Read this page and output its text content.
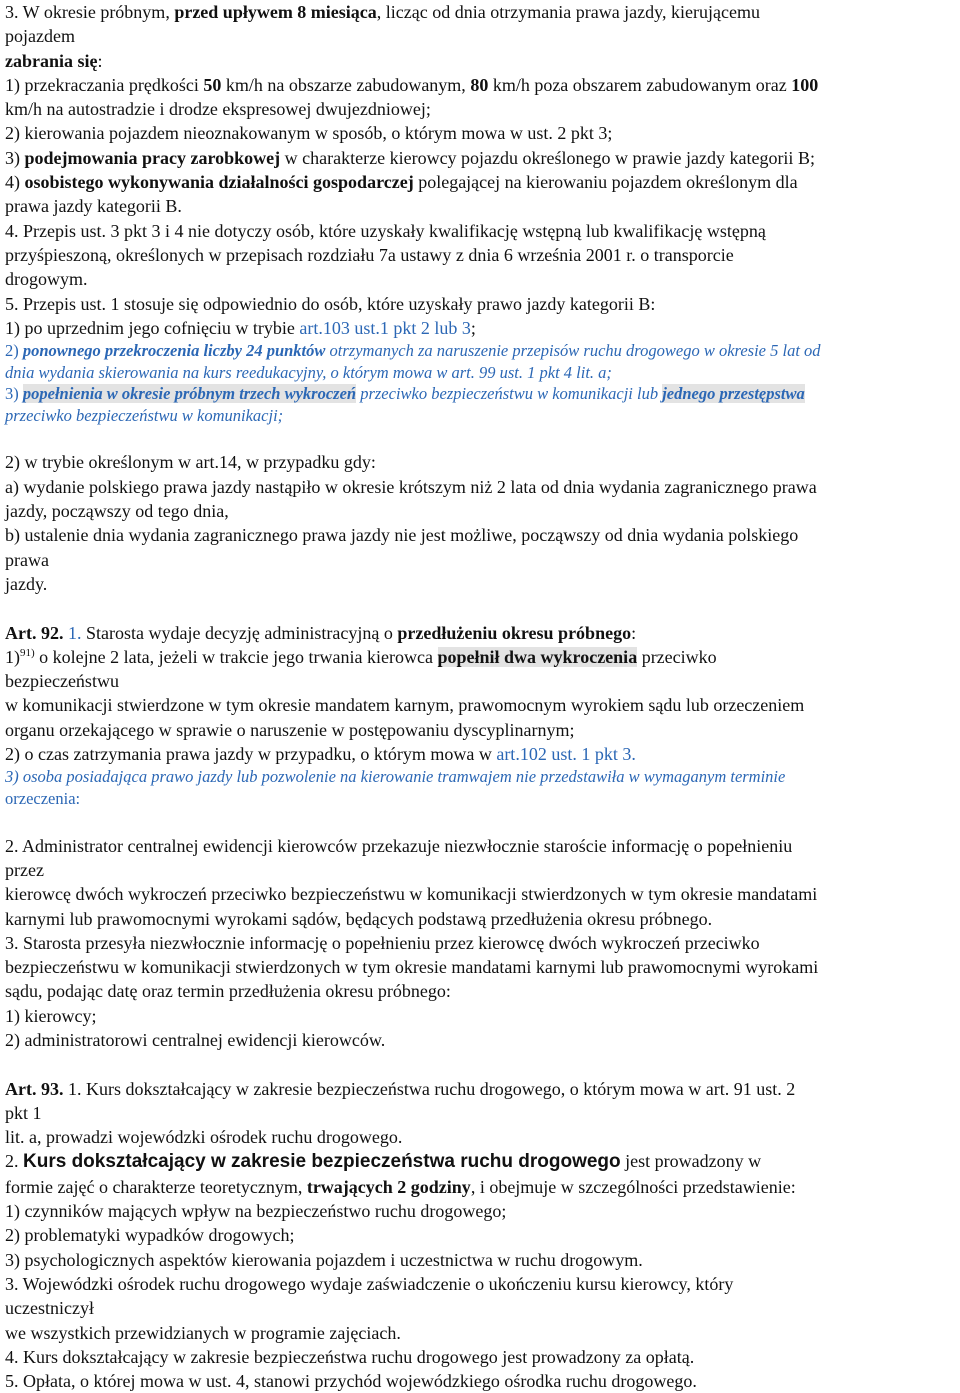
3. W okresie próbnym, przed upływem 8 miesiąca, licząc od dnia otrzymania prawa jazdy, kierującemu

pojazdem

zabrania się:

1) przekraczania prędkości 50 km/h na obszarze zabudowanym, 80 km/h poza obszarem zabudowanym oraz 100

km/h na autostradzie i drodze ekspresowej dwujezdniowej;

2) kierowania pojazdem nieoznakowanym w sposób, o którym mowa w ust. 2 pkt 3;

3) podejmowania pracy zarobkowej w charakterze kierowcy pojazdu określonego w prawie jazdy kategorii B;

4) osobistego wykonywania działalności gospodarczej polegającej na kierowaniu pojazdem określonym dla

prawa jazdy kategorii B.

4. Przepis ust. 3 pkt 3 i 4 nie dotyczy osób, które uzyskały kwalifikację wstępną lub kwalifikację wstępną

przyśpieszoną, określonych w przepisach rozdziału 7a ustawy z dnia 6 września 2001 r. o transporcie

drogowym.

5. Przepis ust. 1 stosuje się odpowiednio do osób, które uzyskały prawo jazdy kategorii B:

1) po uprzednim jego cofnięciu w trybie art.103 ust.1 pkt 2 lub 3;

2) ponownego przekroczenia liczby 24 punktów otrzymanych za naruszenie przepisów ruchu drogowego w okresie 5 lat od

dnia wydania skierowania na kurs reedukacyjny, o którym mowa w art. 99 ust. 1 pkt 4 lit. a;

3) popełnienia w okresie próbnym trzech wykroczeń przeciwko bezpieczeństwu w komunikacji lub jednego przestępstwa

przeciwko bezpieczeństwu w komunikacji;

2) w trybie określonym w art.14, w przypadku gdy:

a) wydanie polskiego prawa jazdy nastąpiło w okresie krótszym niż 2 lata od dnia wydania zagranicznego prawa

jazdy, począwszy od tego dnia,

b) ustalenie dnia wydania zagranicznego prawa jazdy nie jest możliwe, począwszy od dnia wydania polskiego

prawa

jazdy.

Art. 92. 1. Starosta wydaje decyzję administracyjną o przedłużeniu okresu próbnego:

1)$^{91)}$ o kolejne 2 lata, jeżeli w trakcie jego trwania kierowca popełnił dwa wykroczenia przeciwko

bezpieczeństwu

w komunikacji stwierdzone w tym okresie mandatem karnym, prawomocnym wyrokiem sądu lub orzeczeniem

organu orzekającego w sprawie o naruszenie w postępowaniu dyscyplinarnym;

2) o czas zatrzymania prawa jazdy w przypadku, o którym mowa w art.102 ust. 1 pkt 3.

3) osoba posiadająca prawo jazdy lub pozwolenie na kierowanie tramwajem nie przedstawiła w wymaganym terminie

orzeczenia:

2. Administrator centralnej ewidencji kierowców przekazuje niezwłocznie staroście informację o popełnieniu

przez

kierowcę dwóch wykroczeń przeciwko bezpieczeństwu w komunikacji stwierdzonych w tym okresie mandatami

karnymi lub prawomocnymi wyrokami sądów, będących podstawą przedłużenia okresu próbnego.

3. Starosta przesyła niezwłocznie informację o popełnieniu przez kierowcę dwóch wykroczeń przeciwko

bezpieczeństwu w komunikacji stwierdzonych w tym okresie mandatami karnymi lub prawomocnymi wyrokami

sądu, podając datę oraz termin przedłużenia okresu próbnego:

1) kierowcy;

2) administratorowi centralnej ewidencji kierowców.

Art. 93. 1. Kurs dokształcający w zakresie bezpieczeństwa ruchu drogowego, o którym mowa w art. 91 ust. 2

pkt 1

lit. a, prowadzi wojewódzki ośrodek ruchu drogowego.

2. Kurs dokształcający w zakresie bezpieczeństwa ruchu drogowego jest prowadzony w

formie zajęć o charakterze teoretycznym, trwających 2 godziny, i obejmuje w szczególności przedstawienie:

1) czynników mających wpływ na bezpieczeństwo ruchu drogowego;

2) problematyki wypadków drogowych;

3) psychologicznych aspektów kierowania pojazdem i uczestnictwa w ruchu drogowym.

3. Wojewódzki ośrodek ruchu drogowego wydaje zaświadczenie o ukończeniu kursu kierowcy, który

uczestniczył

we wszystkich przewidzianych w programie zajęciach.

4. Kurs dokształcający w zakresie bezpieczeństwa ruchu drogowego jest prowadzony za opłatą.

5. Opłata, o której mowa w ust. 4, stanowi przychód wojewódzkiego ośrodka ruchu drogowego.
